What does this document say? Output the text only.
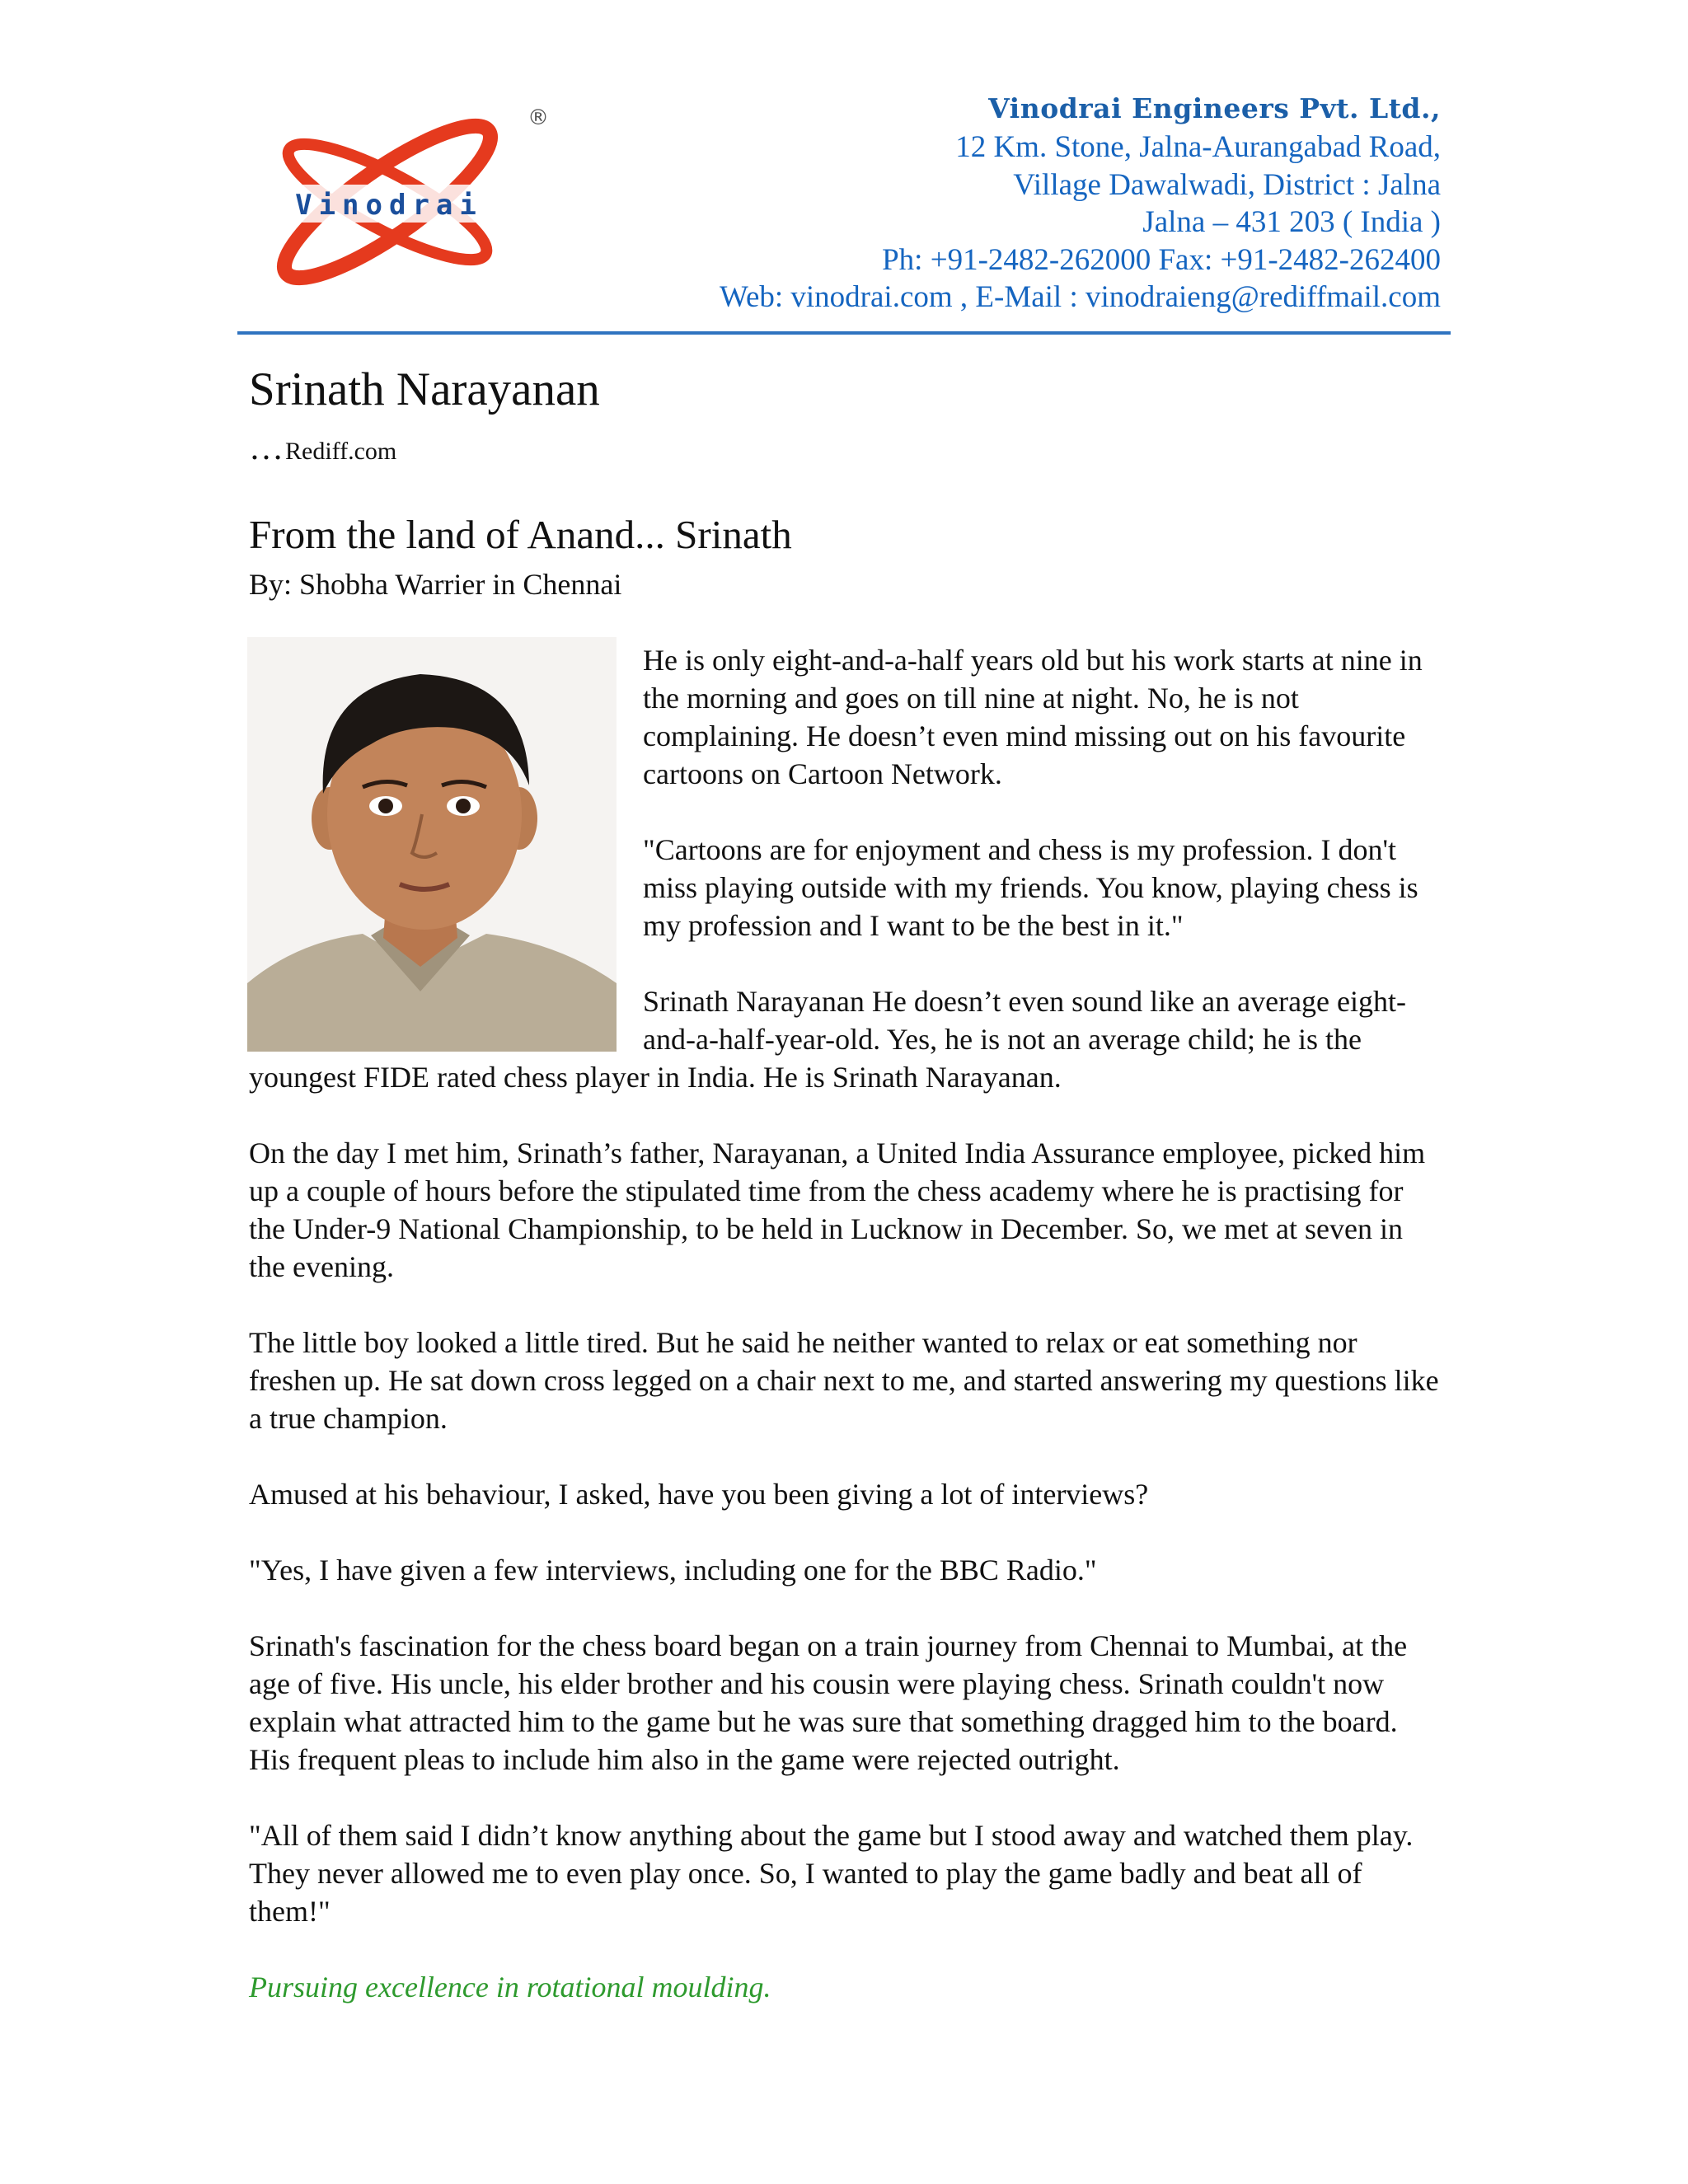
Vinodrai
®	Vinodrai Engineers Pvt. Ltd.,
12 Km. Stone, Jalna-Aurangabad Road,
Village Dawalwadi, District : Jalna
Jalna – 431 203 ( India )
Ph: +91-2482-262000 Fax: +91-2482-262400
Web: vinodrai.com , E-Mail : vinodraieng@rediffmail.com
Srinath Narayanan
…Rediff.com
From the land of Anand... Srinath
By: Shobha Warrier in Chennai

He is only eight-and-a-half years old but his work starts at nine in the morning and goes on till nine at night. No, he is not complaining. He doesn’t even mind missing out on his favourite cartoons on Cartoon Network.

"Cartoons are for enjoyment and chess is my profession. I don't miss playing outside with my friends. You know, playing chess is my profession and I want to be the best in it."

Srinath Narayanan He doesn’t even sound like an average eight-and-a-half-year-old. Yes, he is not an average child; he is the youngest FIDE rated chess player in India. He is Srinath Narayanan.

On the day I met him, Srinath’s father, Narayanan, a United India Assurance employee, picked him up a couple of hours before the stipulated time from the chess academy where he is practising for the Under-9 National Championship, to be held in Lucknow in December. So, we met at seven in the evening.

The little boy looked a little tired. But he said he neither wanted to relax or eat something nor freshen up. He sat down cross legged on a chair next to me, and started answering my questions like a true champion.

Amused at his behaviour, I asked, have you been giving a lot of interviews?

"Yes, I have given a few interviews, including one for the BBC Radio."

Srinath's fascination for the chess board began on a train journey from Chennai to Mumbai, at the age of five. His uncle, his elder brother and his cousin were playing chess. Srinath couldn't now explain what attracted him to the game but he was sure that something dragged him to the board. His frequent pleas to include him also in the game were rejected outright.

"All of them said I didn’t know anything about the game but I stood away and watched them play. They never allowed me to even play once. So, I wanted to play the game badly and beat all of them!"

Pursuing excellence in rotational moulding.
